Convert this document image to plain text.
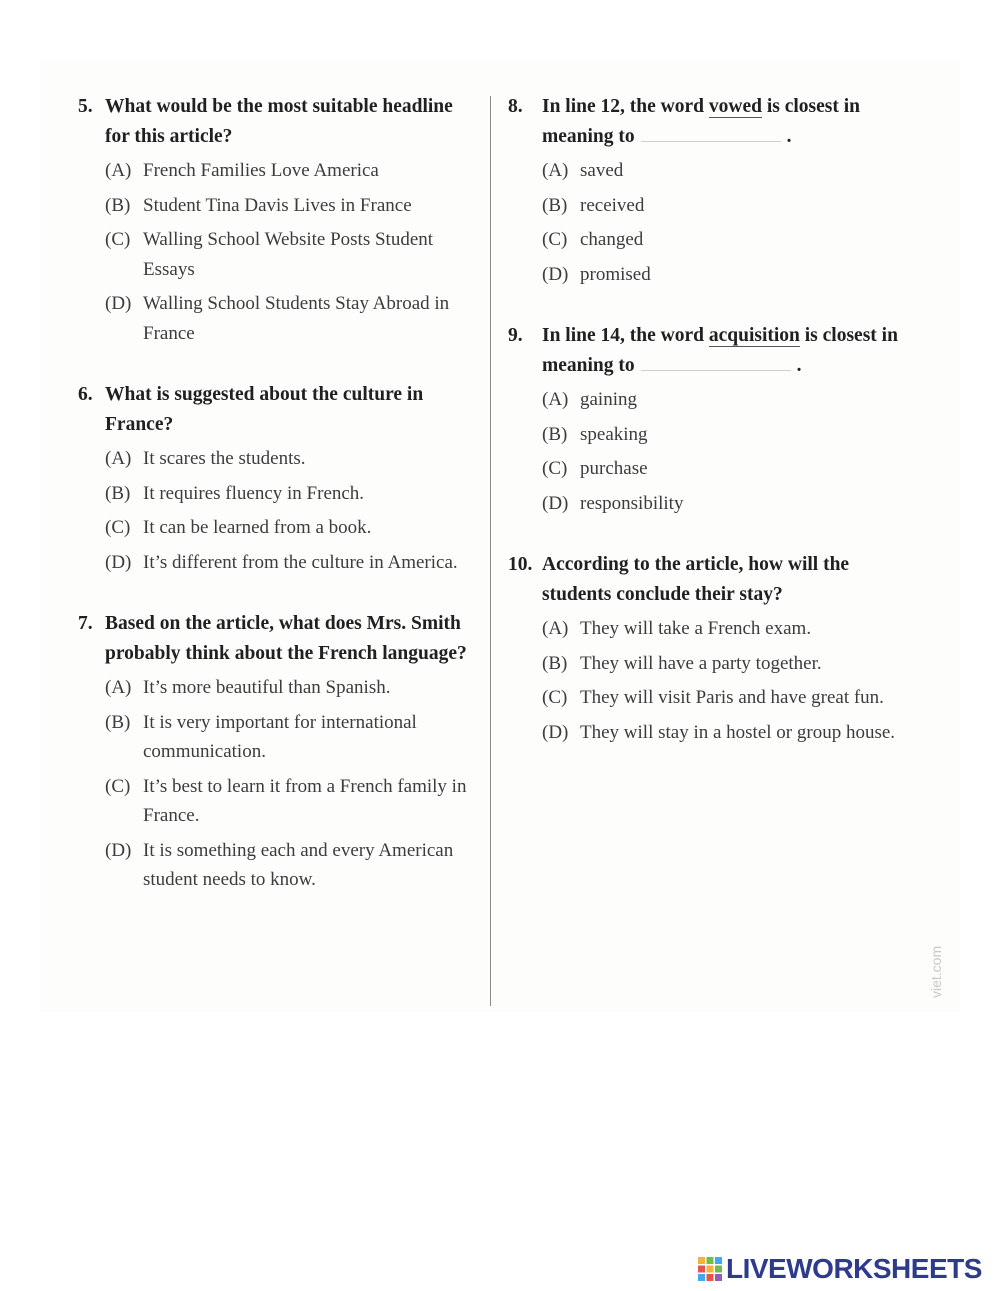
5. What would be the most suitable headline for this article?
(A) French Families Love America
(B) Student Tina Davis Lives in France
(C) Walling School Website Posts Student Essays
(D) Walling School Students Stay Abroad in France
6. What is suggested about the culture in France?
(A) It scares the students.
(B) It requires fluency in French.
(C) It can be learned from a book.
(D) It’s different from the culture in America.
7. Based on the article, what does Mrs. Smith probably think about the French language?
(A) It’s more beautiful than Spanish.
(B) It is very important for international communication.
(C) It’s best to learn it from a French family in France.
(D) It is something each and every American student needs to know.
8. In line 12, the word vowed is closest in meaning to	.
(A) saved
(B) received
(C) changed
(D) promised
9. In line 14, the word acquisition is closest in meaning to	.
(A) gaining
(B) speaking
(C) purchase
(D) responsibility
10. According to the article, how will the students conclude their stay?
(A) They will take a French exam.
(B) They will have a party together.
(C) They will visit Paris and have great fun.
(D) They will stay in a hostel or group house.
viet.com
LIVEWORKSHEETS
